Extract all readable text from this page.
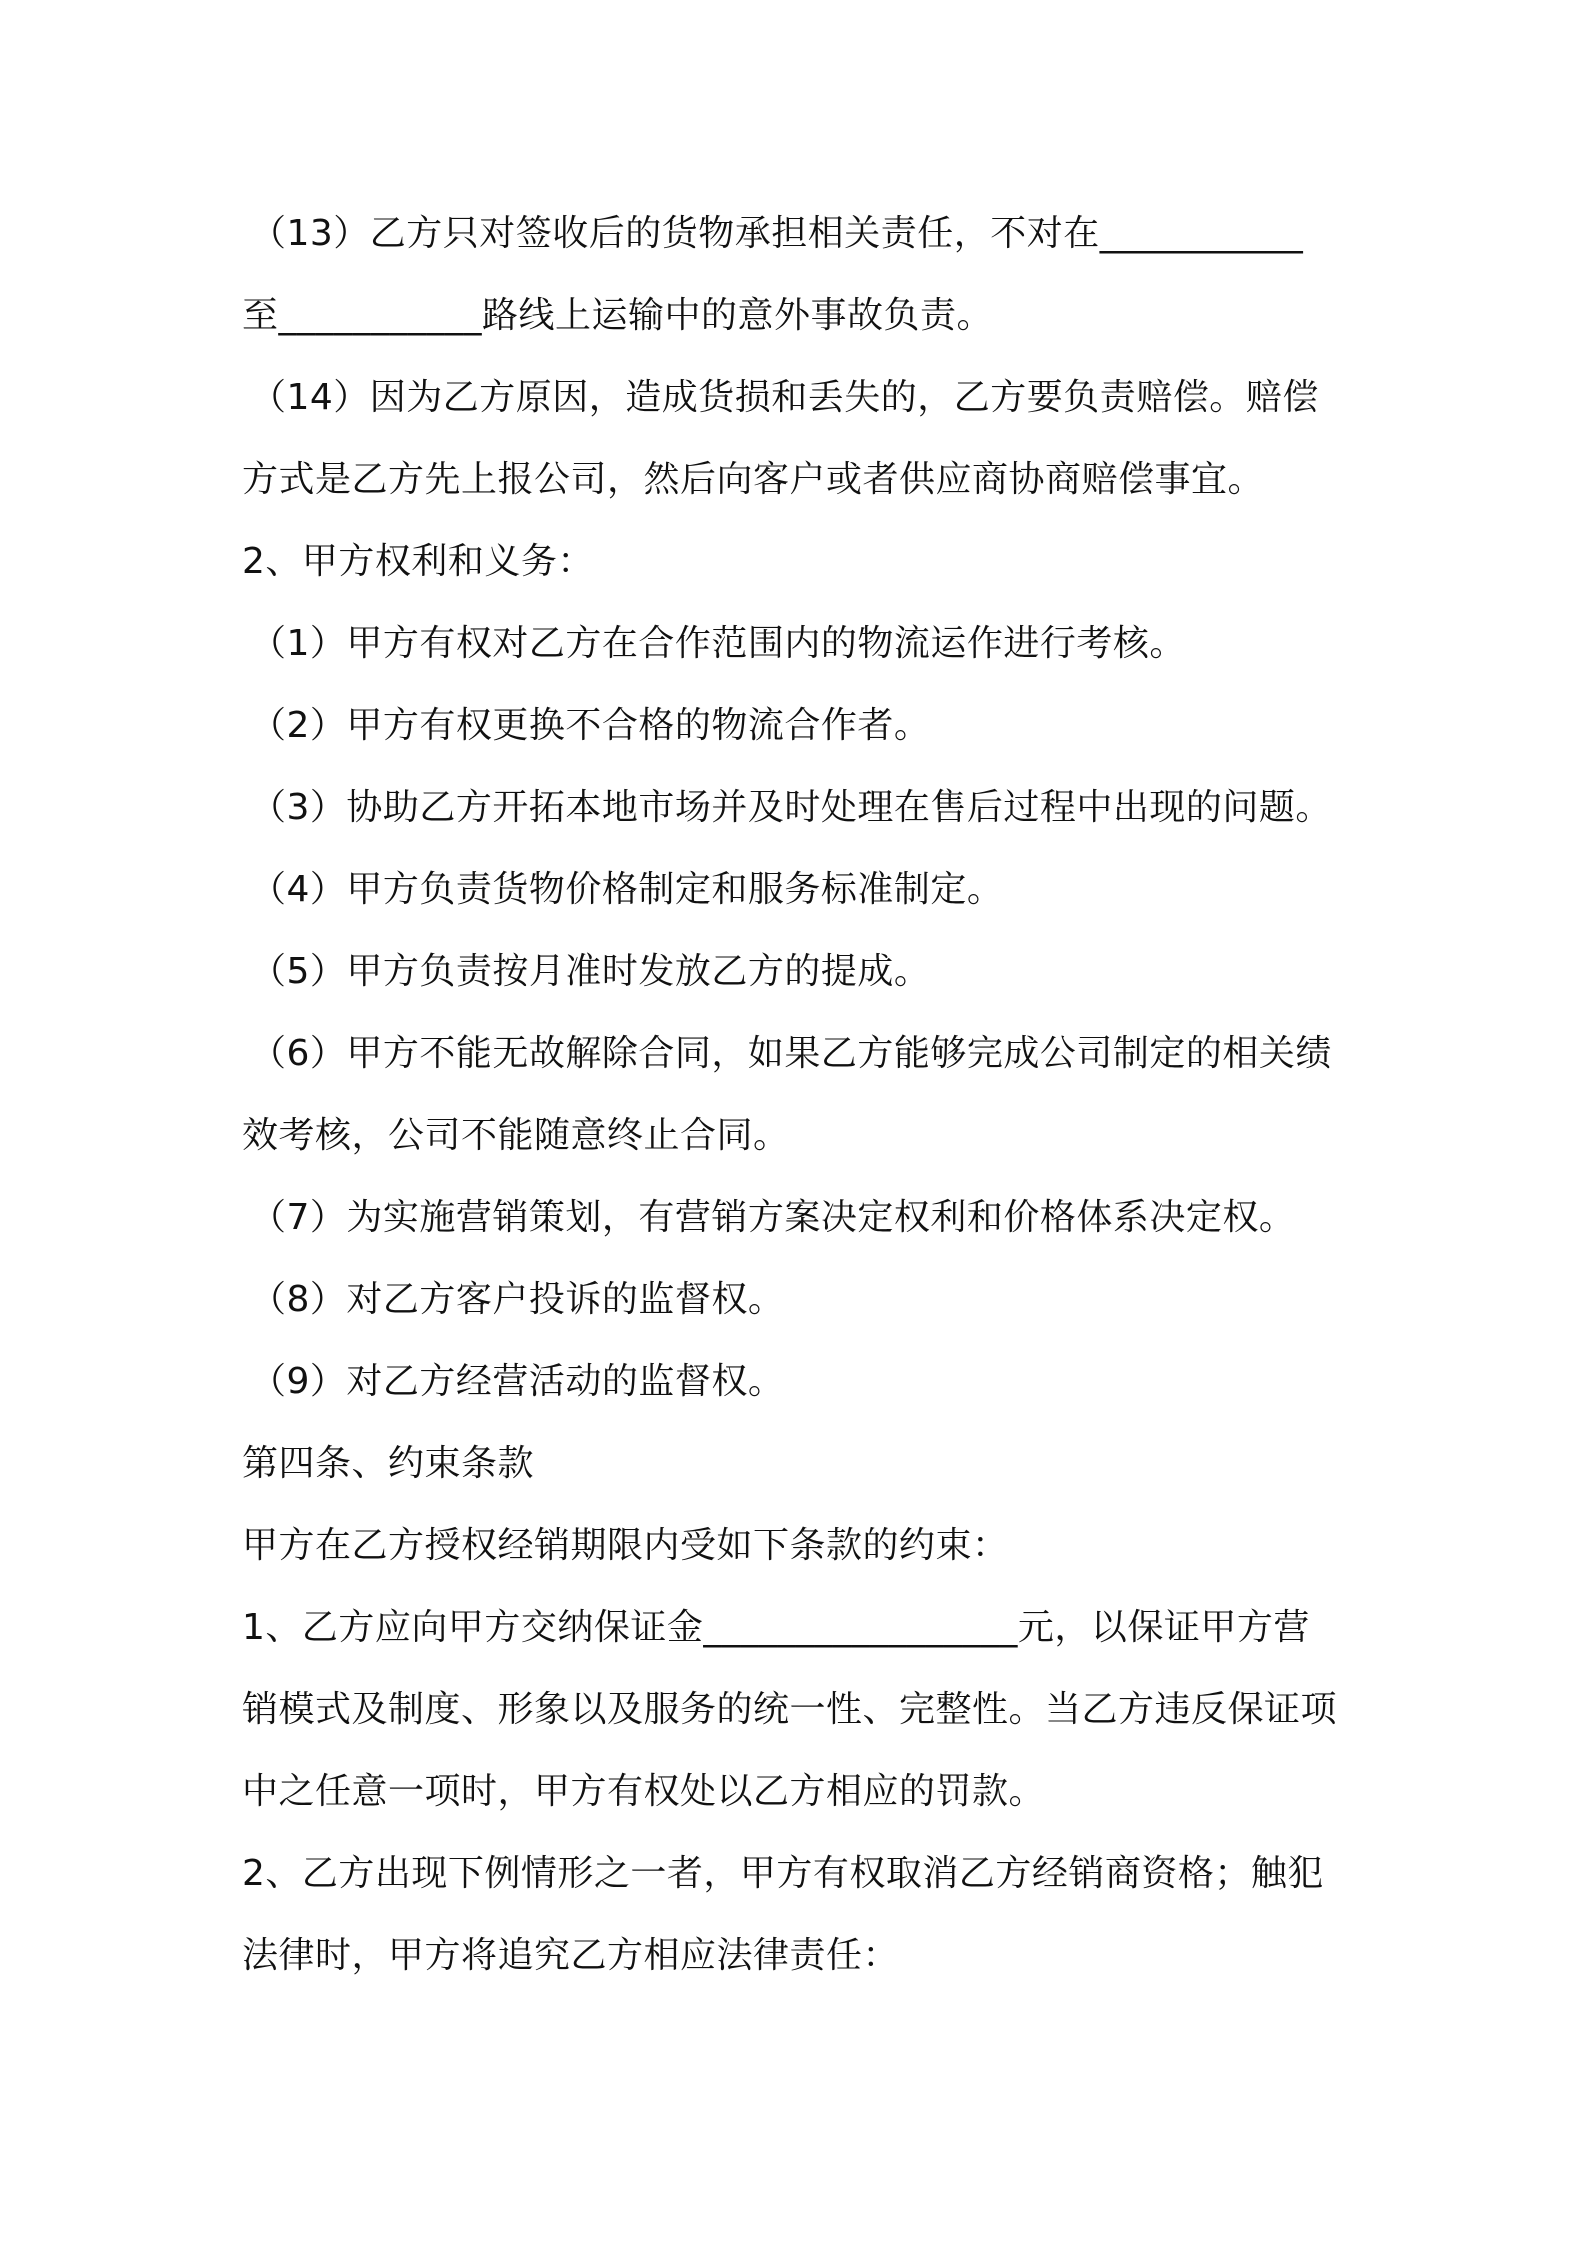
（13）乙方只对签收后的货物承担相关责任，不对在___________

至___________路线上运输中的意外事故负责。

（14）因为乙方原因，造成货损和丢失的，乙方要负责赔偿。赔偿

方式是乙方先上报公司，然后向客户或者供应商协商赔偿事宜。

2、甲方权利和义务：

（1）甲方有权对乙方在合作范围内的物流运作进行考核。

（2）甲方有权更换不合格的物流合作者。

（3）协助乙方开拓本地市场并及时处理在售后过程中出现的问题。

（4）甲方负责货物价格制定和服务标准制定。

（5）甲方负责按月准时发放乙方的提成。

（6）甲方不能无故解除合同，如果乙方能够完成公司制定的相关绩

效考核，公司不能随意终止合同。

（7）为实施营销策划，有营销方案决定权利和价格体系决定权。

（8）对乙方客户投诉的监督权。

（9）对乙方经营活动的监督权。

第四条、约束条款

甲方在乙方授权经销期限内受如下条款的约束：

1、乙方应向甲方交纳保证金_________________元，以保证甲方营

销模式及制度、形象以及服务的统一性、完整性。当乙方违反保证项

中之任意一项时，甲方有权处以乙方相应的罚款。

2、乙方出现下例情形之一者，甲方有权取消乙方经销商资格；触犯

法律时，甲方将追究乙方相应法律责任：
